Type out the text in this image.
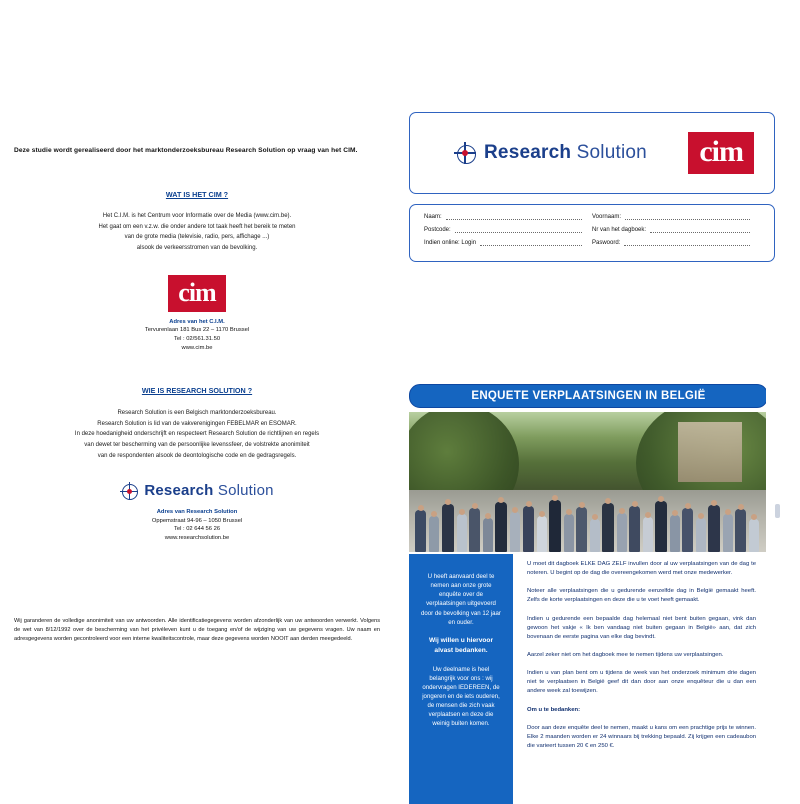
Deze studie wordt gerealiseerd door het marktonderzoeksbureau Research Solution op vraag van het CIM.

WAT IS HET CIM ?
Het C.I.M. is het Centrum voor Informatie over de Media (www.cim.be).
Het gaat om een v.z.w. die onder andere tot taak heeft het bereik te meten
van de grote media (televisie, radio, pers, affichage ...)
alsook de verkeersstromen van de bevolking.
cim
Adres van het C.I.M.
Tervurenlaan 181 Bus 22 – 1170 Brussel
Tel : 02/561.31.50
www.cim.be
WIE IS RESEARCH SOLUTION ?
Research Solution is een Belgisch marktonderzoeksbureau.
Research Solution is lid van de vakverenigingen FEBELMAR en ESOMAR.
In deze hoedanigheid onderschrijft en respecteert Research Solution de richtlijnen en regels
van dewet ter bescherming van de persoonlijke levenssfeer, de volstrekte anonimiteit
van de respondenten alsook de deontologische code en de gedragsregels.
Research Solution
Adres van Research Solution
Oppemstraat 94-96 – 1050 Brussel
Tel : 02 644 56 26
www.researchsolution.be
Wij garanderen de volledige anonimiteit van uw antwoorden. Alle identificatiegegevens worden afzonderlijk van uw antwoorden verwerkt. Volgens de wet van 8/12/1992 over de bescherming van het privéleven kunt u de toegang en/of de wijziging van uw gegevens vragen. Uw naam en adresgegevens worden gecontroleerd voor een interne kwaliteitscontrole, maar deze gegevens worden NOOIT aan derden meegedeeld.
Research Solution	cim
Naam:	Voornaam:
Postcode:	Nr van het dagboek:
Indien online: Login	Paswoord:
ENQUETE VERPLAATSINGEN IN BELGIË

U heeft aanvaard deel te nemen aan onze grote enquête over de verplaatsingen uitgevoerd door de bevolking van 12 jaar en ouder.

Wij willen u hiervoor alvast bedanken.

Uw deelname is heel belangrijk voor ons : wij ondervragen IEDEREEN, de jongeren en de iets ouderen, de mensen die zich vaak verplaatsen en deze die weinig buiten komen.

U moet dit dagboek ELKE DAG ZELF invullen door al uw verplaatsingen van de dag te noteren. U begint op de dag die overeengekomen werd met onze medewerker.

Noteer alle verplaatsingen die u gedurende eenzelfde dag in België gemaakt heeft. Zelfs de korte verplaatsingen en deze die u te voet heeft gemaakt.

Indien u gedurende een bepaalde dag helemaal niet bent buiten gegaan, vink dan gewoon het vakje « Ik ben vandaag niet buiten gegaan in België» aan, dat zich bovenaan de eerste pagina van elke dag bevindt.

Aarzel zeker niet om het dagboek mee te nemen tijdens uw verplaatsingen.

Indien u van plan bent om u tijdens de week van het onderzoek minimum drie dagen niet te verplaatsen in België geef dit dan door aan onze enquêteur die u dan een andere week zal toewijzen.

Om u te bedanken:

Door aan deze enquête deel te nemen, maakt u kans om een prachtige prijs te winnen. Elke 2 maanden worden er 24 winnaars bij trekking bepaald. Zij krijgen een cadeaubon die varieert tussen 20 € en 250 €.
